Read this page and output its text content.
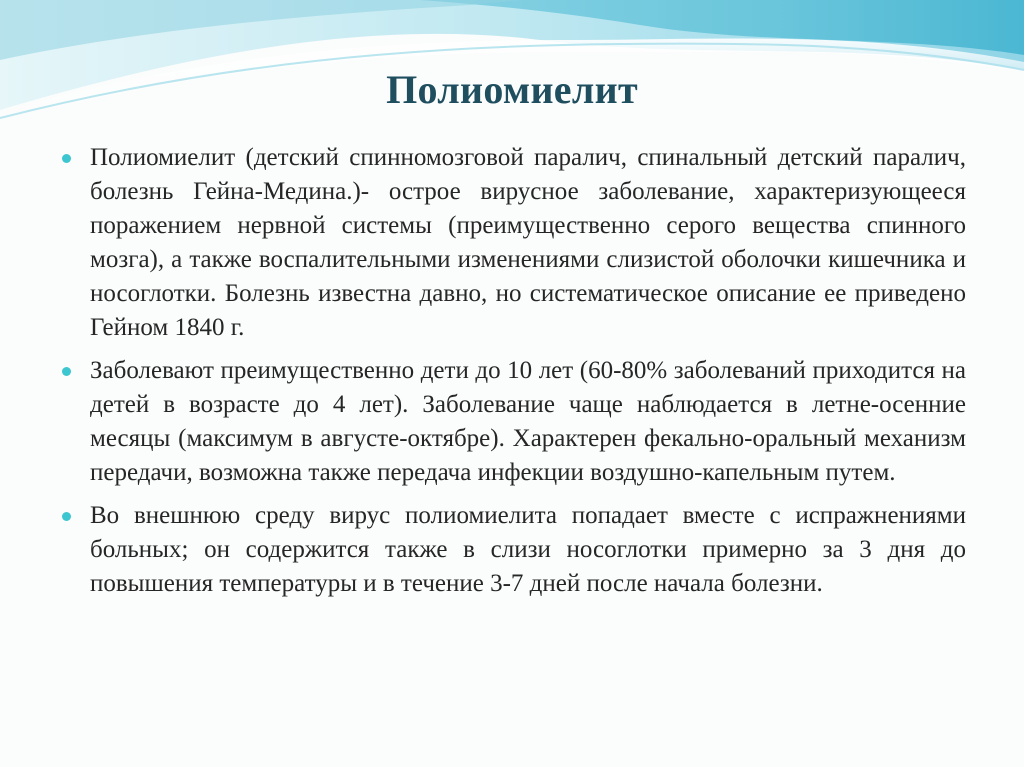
Полиомиелит
Полиомиелит (детский спинномозговой паралич, спинальный детский паралич, болезнь Гейна-Медина.)- острое вирусное заболевание, характеризующееся поражением нервной системы (преимущественно серого вещества спинного мозга), а также воспалительными изменениями слизистой оболочки кишечника и носоглотки. Болезнь известна давно, но систематическое описание ее приведено Гейном 1840 г.
Заболевают преимущественно дети до 10 лет (60-80% заболеваний приходится на детей в возрасте до 4 лет). Заболевание чаще наблюдается в летне-осенние месяцы (максимум в августе-октябре). Характерен фекально-оральный механизм передачи, возможна также передача инфекции воздушно-капельным путем.
Во внешнюю среду вирус полиомиелита попадает вместе с испражнениями больных; он содержится также в слизи носоглотки примерно за 3 дня до повышения температуры и в течение 3-7 дней после начала болезни.
